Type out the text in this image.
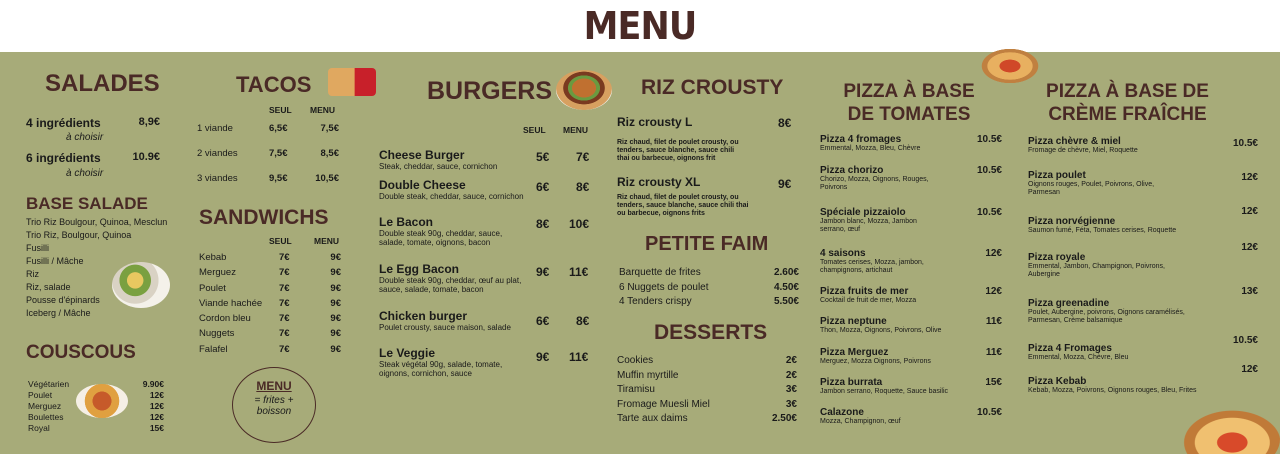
MENU
SALADES
4 ingrédients	8,9€
à choisir
6 ingrédients	10.9€
à choisir
BASE SALADE
Trio Riz Boulgour, Quinoa, Mesclun
Trio Riz, Boulgour, Quinoa
Fusilli
Fusilli / Mâche
Riz
Riz, salade
Pousse d'épinards
Iceberg / Mâche
COUSCOUS
Végétarien	9.90€
Poulet	12€
Merguez	12€
Boulettes	12€
Royal	15€
TACOS
SEUL MENU
1 viande	6,5€	7,5€
2 viandes	7,5€	8,5€
3 viandes	9,5€	10,5€
SANDWICHS
SEUL	MENU
Kebab	7€	9€
Merguez	7€	9€
Poulet	7€	9€
Viande hachée	7€	9€
Cordon bleu	7€	9€
Nuggets	7€	9€
Falafel	7€	9€
MENU
= frites +
boisson
BURGERS
SEUL MENU
Cheese Burger
Steak, cheddar, sauce, cornichon
5€ 7€
Double Cheese
Double steak, cheddar, sauce, cornichon
6€ 8€
Le Bacon
Double steak 90g, cheddar, sauce, salade, tomate, oignons, bacon
8€ 10€
Le Egg Bacon
Double steak 90g, cheddar, œuf au plat, sauce, salade, tomate, bacon
9€ 11€
Chicken burger
Poulet crousty, sauce maison, salade	6€ 8€
Le Veggie
Steak végétal 90g, salade, tomate, oignons, cornichon, sauce
9€ 11€
RIZ CROUSTY
Riz crousty L	8€
Riz chaud, filet de poulet crousty, ou tenders, sauce blanche, sauce chili thai ou barbecue, oignons frit
Riz crousty XL	9€
Riz chaud, filet de poulet crousty, ou tenders, sauce blanche, sauce chili thai ou barbecue, oignons frits
PETITE FAIM
Barquette de frites	2.60€
6 Nuggets de poulet	4.50€
4 Tenders crispy	5.50€
DESSERTS
Cookies	2€
Muffin myrtille	2€
Tiramisu	3€
Fromage Muesli Miel	3€
Tarte aux daims	2.50€
PIZZA À BASE
DE TOMATES
Pizza 4 fromages
Emmental, Mozza, Bleu, Chèvre
10.5€
Pizza chorizo
Chorizo, Mozza, Oignons, Rouges, Poivrons
10.5€
Spéciale pizzaiolo
Jambon blanc, Mozza, Jambon serrano, œuf
10.5€
4 saisons
Tomates cerises, Mozza, jambon, champignons, artichaut
12€
Pizza fruits de mer
Cocktail de fruit de mer, Mozza
12€
Pizza neptune
Thon, Mozza, Oignons, Poivrons, Olive
11€
Pizza Merguez
Merguez, Mozza Oignons, Poivrons
11€
Pizza burrata
Jambon serrano, Roquette, Sauce basilic
15€
Calazone
Mozza, Champignon, œuf
10.5€
PIZZA À BASE DE
CRÈME FRAÎCHE
Pizza chèvre & miel
Fromage de chèvre, Miel, Roquette
10.5€
Pizza poulet
Oignons rouges, Poulet, Poivrons, Olive, Parmesan
12€
Pizza norvégienne
Saumon fumé, Féta, Tomates cerises, Roquette
12€
Pizza royale
Emmental, Jambon, Champignon, Poivrons, Aubergine
12€
Pizza greenadine
Poulet, Aubergine, poivrons, Oignons caramélisés, Parmesan, Crème balsamique
13€
Pizza 4 Fromages
Emmental, Mozza, Chèvre, Bleu
10.5€
Pizza Kebab
Kebab, Mozza, Poivrons, Oignons rouges, Bleu, Frites
12€
